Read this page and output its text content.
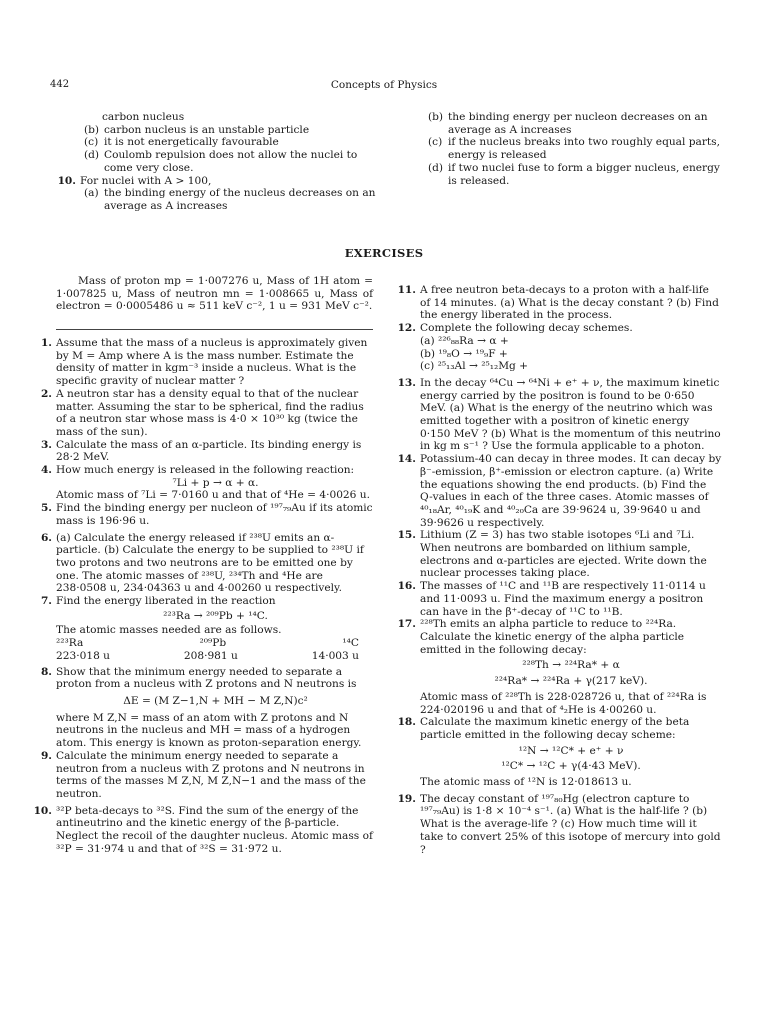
442	Concepts of Physics
carbon nucleus
(b) carbon nucleus is an unstable particle
(c) it is not energetically favourable
(d) Coulomb repulsion does not allow the nuclei to come very close.
10. For nuclei with A > 100,
(a) the binding energy of the nucleus decreases on an average as A increases
(b) the binding energy per nucleon decreases on an average as A increases
(c) if the nucleus breaks into two roughly equal parts, energy is released
(d) if two nuclei fuse to form a bigger nucleus, energy is released.
EXERCISES
Mass of proton mp = 1·007276 u, Mass of 1H atom = 1·007825 u, Mass of neutron mn = 1·008665 u, Mass of electron = 0·0005486 u ≈ 511 keV c⁻², 1 u = 931 MeV c⁻².
1. Assume that the mass of a nucleus is approximately given by M = Amp where A is the mass number. Estimate the density of matter in kgm⁻³ inside a nucleus. What is the specific gravity of nuclear matter ?
2. A neutron star has a density equal to that of the nuclear matter. Assuming the star to be spherical, find the radius of a neutron star whose mass is 4·0 × 10³⁰ kg (twice the mass of the sun).
3. Calculate the mass of an α-particle. Its binding energy is 28·2 MeV.
4. How much energy is released in the following reaction:
⁷Li + p → α + α.
Atomic mass of ⁷Li = 7·0160 u and that of ⁴He = 4·0026 u.
5. Find the binding energy per nucleon of ¹⁹⁷₇₉Au if its atomic mass is 196·96 u.
6. (a) Calculate the energy released if ²³⁸U emits an α-particle. (b) Calculate the energy to be supplied to ²³⁸U if two protons and two neutrons are to be emitted one by one. The atomic masses of ²³⁸U, ²³⁴Th and ⁴He are 238·0508 u, 234·04363 u and 4·00260 u respectively.
7. Find the energy liberated in the reaction
²²³Ra → ²⁰⁹Pb + ¹⁴C.
The atomic masses needed are as follows.
²²³Ra	²⁰⁹Pb	¹⁴C
223·018 u	208·981 u	14·003 u
8. Show that the minimum energy needed to separate a proton from a nucleus with Z protons and N neutrons is
ΔE = (M Z−1,N + MH − M Z,N)c²
where M Z,N = mass of an atom with Z protons and N neutrons in the nucleus and MH = mass of a hydrogen atom. This energy is known as proton-separation energy.
9. Calculate the minimum energy needed to separate a neutron from a nucleus with Z protons and N neutrons in terms of the masses M Z,N, M Z,N−1 and the mass of the neutron.
10. ³²P beta-decays to ³²S. Find the sum of the energy of the antineutrino and the kinetic energy of the β-particle. Neglect the recoil of the daughter nucleus. Atomic mass of ³²P = 31·974 u and that of ³²S = 31·972 u.
11. A free neutron beta-decays to a proton with a half-life of 14 minutes. (a) What is the decay constant ? (b) Find the energy liberated in the process.
12. Complete the following decay schemes.
(a) ²²⁶₈₈Ra → α +
(b) ¹⁹₈O → ¹⁹₉F +
(c) ²⁵₁₃Al → ²⁵₁₂Mg +
13. In the decay ⁶⁴Cu → ⁶⁴Ni + e⁺ + ν, the maximum kinetic energy carried by the positron is found to be 0·650 MeV. (a) What is the energy of the neutrino which was emitted together with a positron of kinetic energy 0·150 MeV ? (b) What is the momentum of this neutrino in kg m s⁻¹ ? Use the formula applicable to a photon.
14. Potassium-40 can decay in three modes. It can decay by β⁻-emission, β⁺-emission or electron capture. (a) Write the equations showing the end products. (b) Find the Q-values in each of the three cases. Atomic masses of ⁴⁰₁₈Ar, ⁴⁰₁₉K and ⁴⁰₂₀Ca are 39·9624 u, 39·9640 u and 39·9626 u respectively.
15. Lithium (Z = 3) has two stable isotopes ⁶Li and ⁷Li. When neutrons are bombarded on lithium sample, electrons and α-particles are ejected. Write down the nuclear processes taking place.
16. The masses of ¹¹C and ¹¹B are respectively 11·0114 u and 11·0093 u. Find the maximum energy a positron can have in the β⁺-decay of ¹¹C to ¹¹B.
17. ²²⁸Th emits an alpha particle to reduce to ²²⁴Ra. Calculate the kinetic energy of the alpha particle emitted in the following decay:
²²⁸Th → ²²⁴Ra* + α
²²⁴Ra* → ²²⁴Ra + γ(217 keV).
Atomic mass of ²²⁸Th is 228·028726 u, that of ²²⁴Ra is 224·020196 u and that of ⁴₂He is 4·00260 u.
18. Calculate the maximum kinetic energy of the beta particle emitted in the following decay scheme:
¹²N → ¹²C* + e⁺ + ν
¹²C* → ¹²C + γ(4·43 MeV).
The atomic mass of ¹²N is 12·018613 u.
19. The decay constant of ¹⁹⁷₈₀Hg (electron capture to ¹⁹⁷₇₉Au) is 1·8 × 10⁻⁴ s⁻¹. (a) What is the half-life ? (b) What is the average-life ? (c) How much time will it take to convert 25% of this isotope of mercury into gold ?
